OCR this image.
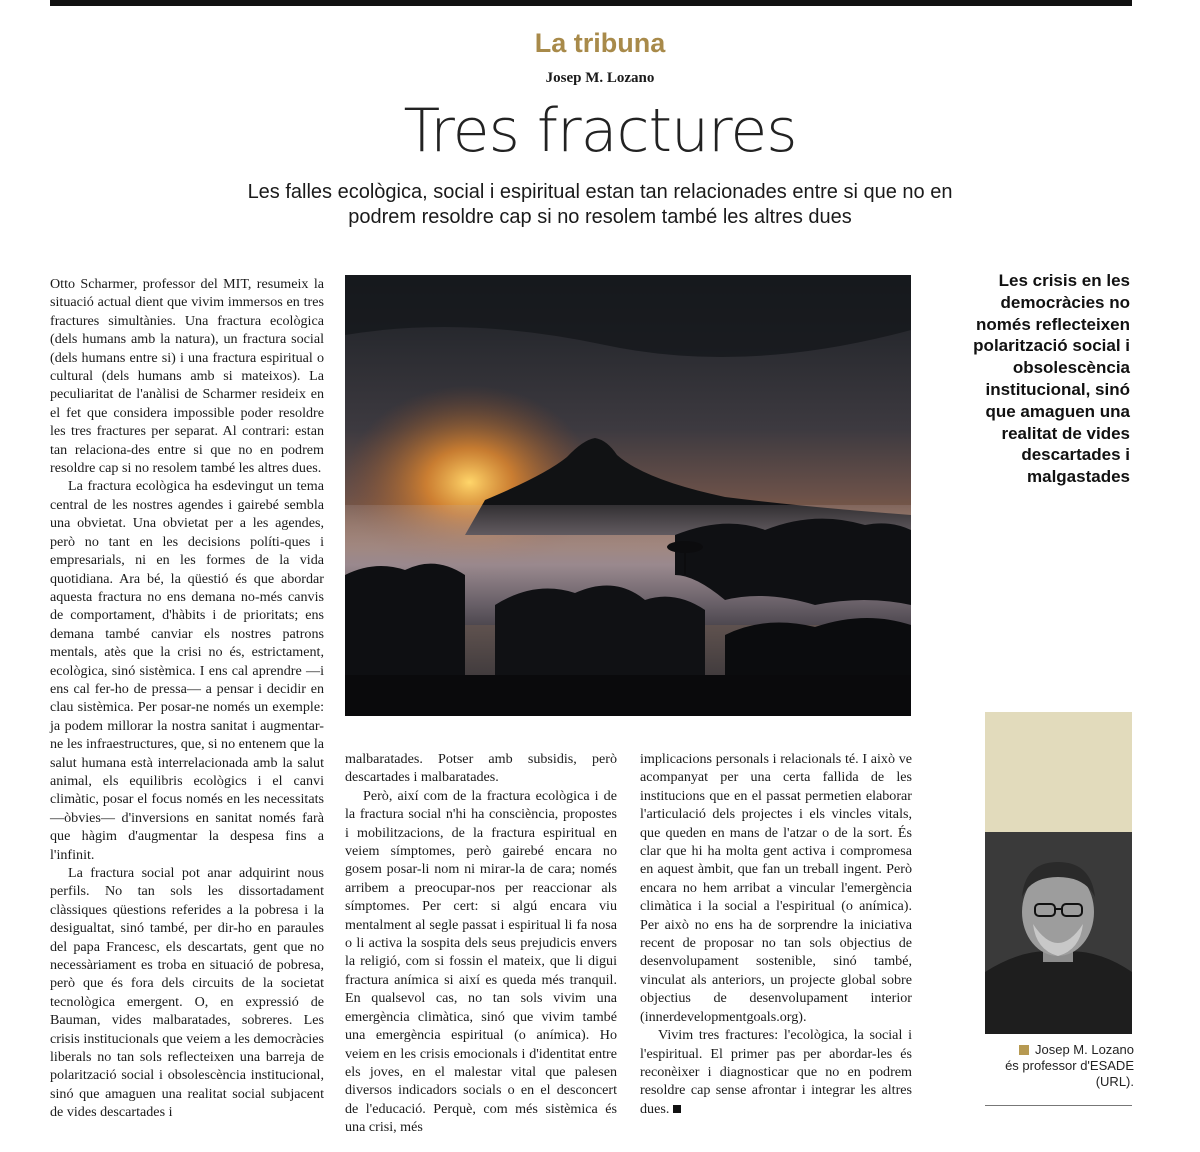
La tribuna
Josep M. Lozano
Tres fractures
Les falles ecològica, social i espiritual estan tan relacionades entre si que no en podrem resoldre cap si no resolem també les altres dues

Otto Scharmer, professor del MIT, resumeix la situació actual dient que vivim immersos en tres fractures simultànies. Una fractura ecològica (dels humans amb la natura), un fractura social (dels humans entre si) i una fractura espiritual o cultural (dels humans amb si mateixos). La peculiaritat de l'anàlisi de Scharmer resideix en el fet que considera impossible poder resoldre les tres fractures per separat. Al contrari: estan tan relaciona-des entre si que no en podrem resoldre cap si no resolem també les altres dues.

La fractura ecològica ha esdevingut un tema central de les nostres agendes i gairebé sembla una obvietat. Una obvietat per a les agendes, però no tant en les decisions políti-ques i empresarials, ni en les formes de la vida quotidiana. Ara bé, la qüestió és que abordar aquesta fractura no ens demana no-més canvis de comportament, d'hàbits i de prioritats; ens demana també canviar els nostres patrons mentals, atès que la crisi no és, estrictament, ecològica, sinó sistèmica. I ens cal aprendre —i ens cal fer-ho de pressa— a pensar i decidir en clau sistèmica. Per posar-ne només un exemple: ja podem millorar la nostra sanitat i augmentar-ne les infraestructures, que, si no entenem que la salut humana està interrelacionada amb la salut animal, els equilibris ecològics i el canvi climàtic, posar el focus només en les necessitats —òbvies— d'inversions en sanitat només farà que hàgim d'augmentar la despesa fins a l'infinit.

La fractura social pot anar adquirint nous perfils. No tan sols les dissortadament clàssiques qüestions referides a la pobresa i la desigualtat, sinó també, per dir-ho en paraules del papa Francesc, els descartats, gent que no necessàriament es troba en situació de pobresa, però que és fora dels circuits de la societat tecnològica emergent. O, en expressió de Bauman, vides malbaratades, sobreres. Les crisis institucionals que veiem a les democràcies liberals no tan sols reflecteixen una barreja de polarització social i obsolescència institucional, sinó que amaguen una realitat social subjacent de vides descartades i

malbaratades. Potser amb subsidis, però descartades i malbaratades.

Però, així com de la fractura ecològica i de la fractura social n'hi ha consciència, propostes i mobilitzacions, de la fractura espiritual en veiem símptomes, però gairebé encara no gosem posar-li nom ni mirar-la de cara; només arribem a preocupar-nos per reaccionar als símptomes. Per cert: si algú encara viu mentalment al segle passat i espiritual li fa nosa o li activa la sospita dels seus prejudicis envers la religió, com si fossin el mateix, que li digui fractura anímica si així es queda més tranquil. En qualsevol cas, no tan sols vivim una emergència climàtica, sinó que vivim també una emergència espiritual (o anímica). Ho veiem en les crisis emocionals i d'identitat entre els joves, en el malestar vital que palesen diversos indicadors socials o en el desconcert de l'educació. Perquè, com més sistèmica és una crisi, més

implicacions personals i relacionals té. I això ve acompanyat per una certa fallida de les institucions que en el passat permetien elaborar l'articulació dels projectes i els vincles vitals, que queden en mans de l'atzar o de la sort. És clar que hi ha molta gent activa i compromesa en aquest àmbit, que fan un treball ingent. Però encara no hem arribat a vincular l'emergència climàtica i la social a l'espiritual (o anímica). Per això no ens ha de sorprendre la iniciativa recent de proposar no tan sols objectius de desenvolupament sostenible, sinó també, vinculat als anteriors, un projecte global sobre objectius de desenvolupament interior (innerdevelopmentgoals.org).

Vivim tres fractures: l'ecològica, la social i l'espiritual. El primer pas per abordar-les és reconèixer i diagnosticar que no en podrem resoldre cap sense afrontar i integrar les altres dues.

Les crisis en les democràcies no només reflecteixen polarització social i obsolescència institucional, sinó que amaguen una realitat de vides descartades i malgastades
Josep M. Lozano
és professor d'ESADE (URL).
